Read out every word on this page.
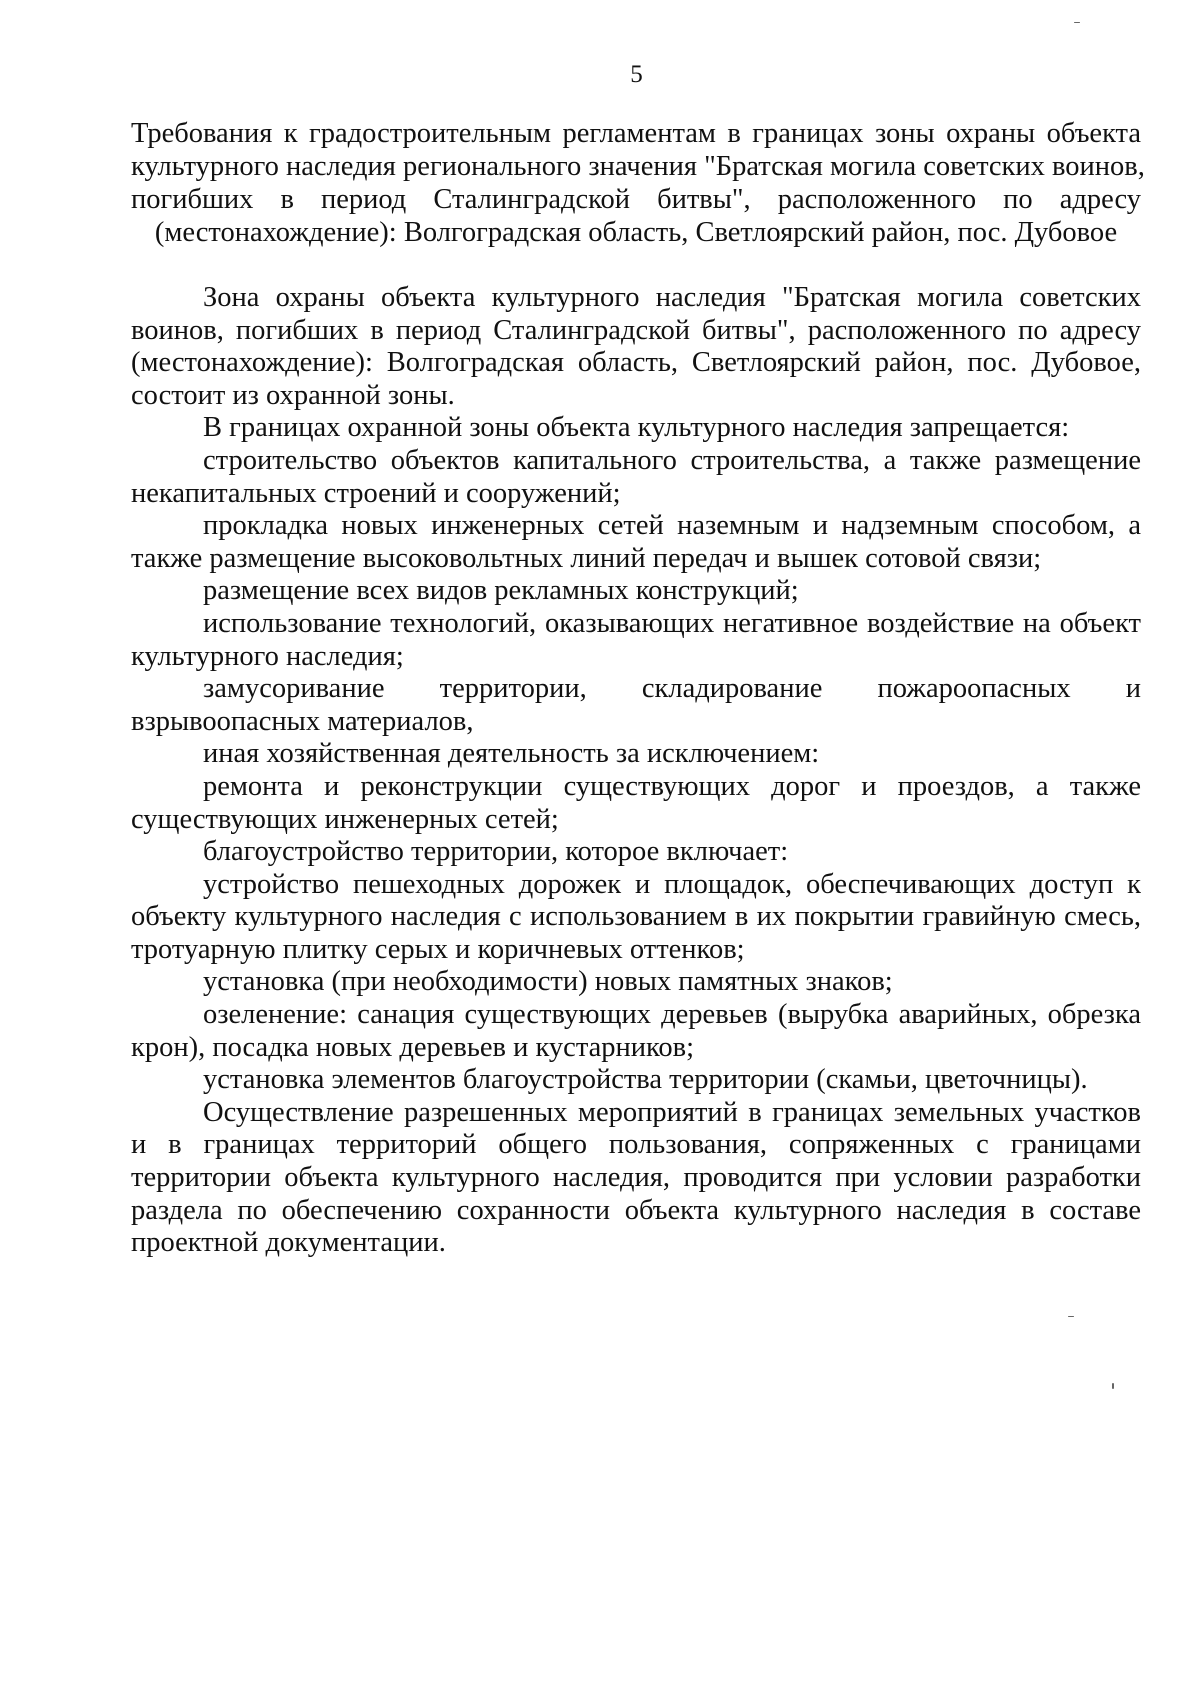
5
Требования к градостроительным регламентам в границах зоны охраны объекта
культурного наследия регионального значения "Братская могила советских воинов,
погибших в период Сталинградской битвы", расположенного по адресу
(местонахождение): Волгоградская область, Светлоярский район, пос. Дубовое

Зона охраны объекта культурного наследия "Братская могила советских воинов, погибших в период Сталинградской битвы", расположенного по адресу (местонахождение): Волгоградская область, Светлоярский район, пос. Дубовое, состоит из охранной зоны.

В границах охранной зоны объекта культурного наследия запрещается:

строительство объектов капитального строительства, а также размещение некапитальных строений и сооружений;

прокладка новых инженерных сетей наземным и надземным способом, а также размещение высоковольтных линий передач и вышек сотовой связи;

размещение всех видов рекламных конструкций;

использование технологий, оказывающих негативное воздействие на объект культурного наследия;

замусоривание территории, складирование пожароопасных и взрывоопасных материалов,

иная хозяйственная деятельность за исключением:

ремонта и реконструкции существующих дорог и проездов, а также существующих инженерных сетей;

благоустройство территории, которое включает:

устройство пешеходных дорожек и площадок, обеспечивающих доступ к объекту культурного наследия с использованием в их покрытии гравийную смесь, тротуарную плитку серых и коричневых оттенков;

установка (при необходимости) новых памятных знаков;

озеленение: санация существующих деревьев (вырубка аварийных, обрезка крон), посадка новых деревьев и кустарников;

установка элементов благоустройства территории (скамьи, цветочницы).

Осуществление разрешенных мероприятий в границах земельных участков и в границах территорий общего пользования, сопряженных с границами территории объекта культурного наследия, проводится при условии разработки раздела по обеспечению сохранности объекта культурного наследия в составе проектной документации.
